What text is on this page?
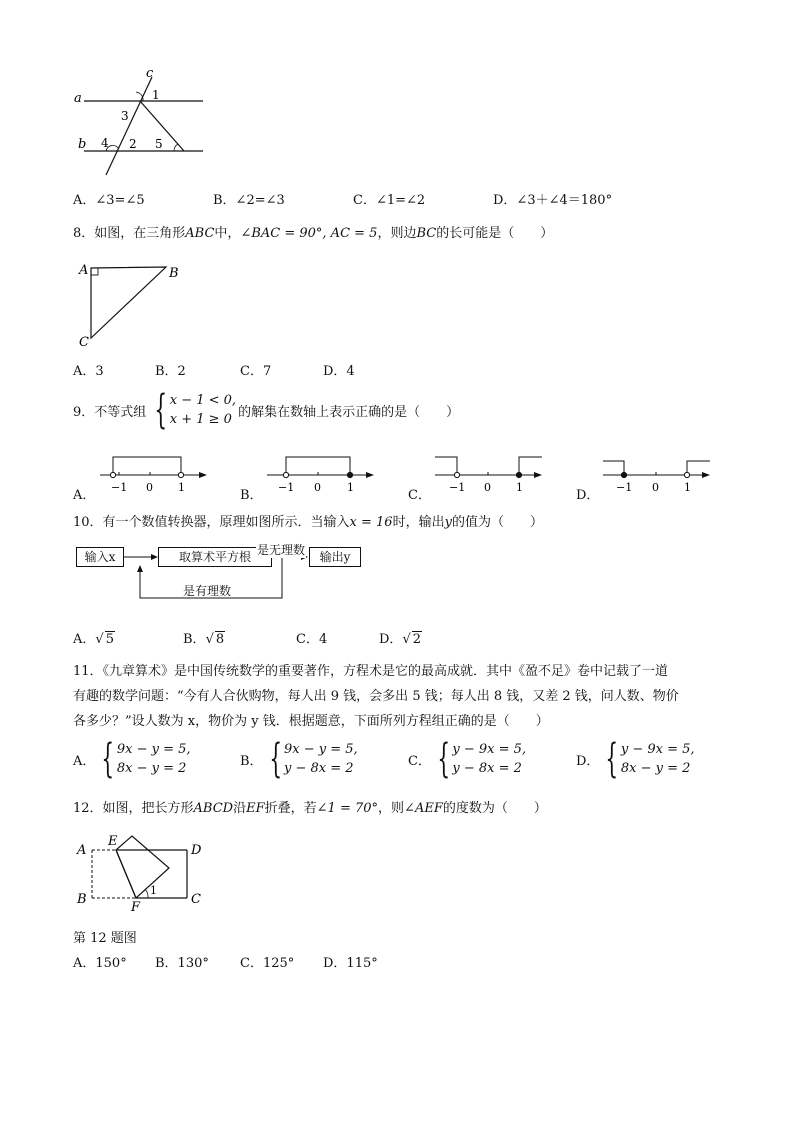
a
b
c
1
3
4 2 5
A．∠3=∠5	B．∠2=∠3	C．∠1=∠2	D．∠3＋∠4＝180°
8．如图，在三角形ABC中，∠BAC = 90°, AC = 5，则边BC的长可能是（　　）
A	B
C
A．3	B．2	C．7	D．4
9．不等式组 { x − 1 < 0,
x + 1 ≥ 0 的解集在数轴上表示正确的是（　　）
A．
−1 0 1
B．
−1 0 1
C．
−1 0 1
D．
−1 0 1
10．有一个数值转换器，原理如图所示．当输入x = 16时，输出y的值为（　　）
输入x	取算术平方根 是无理数	输出y
是有理数
A．√ 5	B．√ 8	C．4	D．√ 2
11．《九章算术》是中国传统数学的重要著作，方程术是它的最高成就．其中《盈不足》卷中记载了一道
有趣的数学问题：“今有人合伙购物，每人出 9 钱，会多出 5 钱；每人出 8 钱，又差 2 钱，问人数、物价
各多少？”设人数为 x，物价为 y 钱．根据题意，下面所列方程组正确的是（　　）
A． { 9x − y = 5,
8x − y = 2	B． { 9x − y = 5,
y − 8x = 2	C． { y − 9x = 5,
y − 8x = 2	D． { y − 9x = 5,
8x − y = 2
12．如图，把长方形ABCD沿EF折叠，若∠1 = 70°，则∠AEF的度数为（　　）
A
E
D
B
F
C
1
第 12 题图
A．150° B．130° C．125° D．115°
